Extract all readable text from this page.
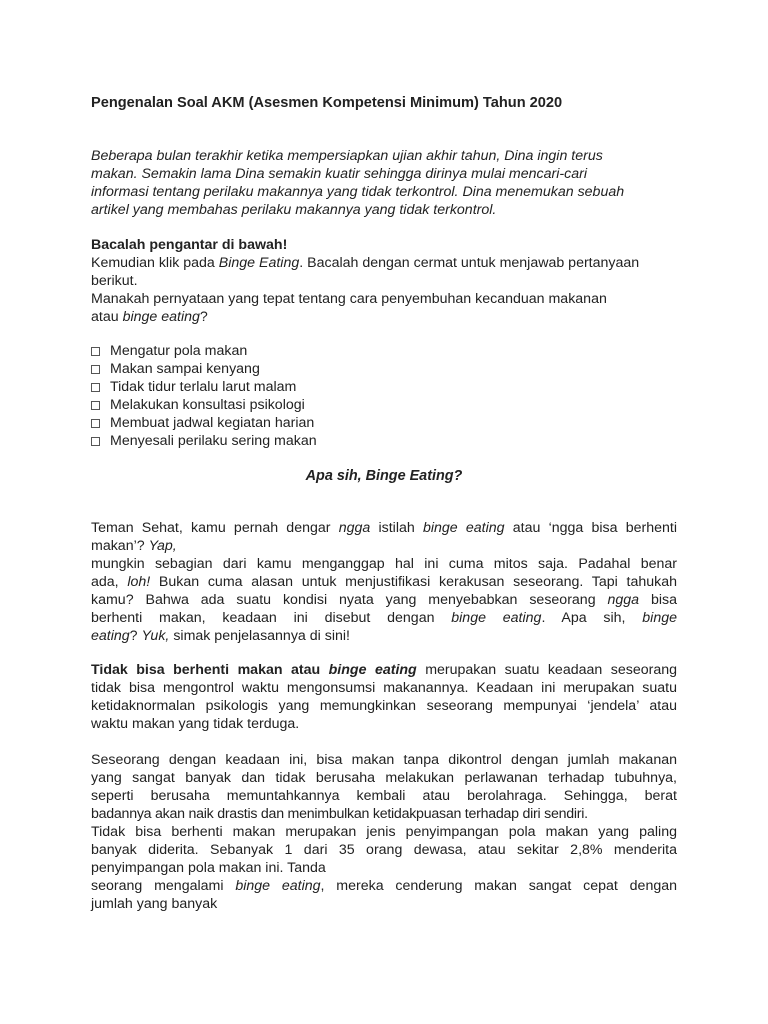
Pengenalan Soal AKM (Asesmen Kompetensi Minimum) Tahun 2020

Beberapa bulan terakhir ketika mempersiapkan ujian akhir tahun, Dina ingin terus
makan. Semakin lama Dina semakin kuatir sehingga dirinya mulai mencari-cari
informasi tentang perilaku makannya yang tidak terkontrol. Dina menemukan sebuah
artikel yang membahas perilaku makannya yang tidak terkontrol.

Bacalah pengantar di bawah!
Kemudian klik pada Binge Eating. Bacalah dengan cermat untuk menjawab pertanyaan
berikut.
Manakah pernyataan yang tepat tentang cara penyembuhan kecanduan makanan
atau binge eating?
Mengatur pola makan
Makan sampai kenyang
Tidak tidur terlalu larut malam
Melakukan konsultasi psikologi
Membuat jadwal kegiatan harian
Menyesali perilaku sering makan
Apa sih, Binge Eating?
Teman Sehat, kamu pernah dengar ngga istilah binge eating atau ‘ngga bisa berhenti
makan’? Yap,
mungkin sebagian dari kamu menganggap hal ini cuma mitos saja. Padahal benar
ada, loh! Bukan cuma alasan untuk menjustifikasi kerakusan seseorang. Tapi tahukah
kamu? Bahwa ada suatu kondisi nyata yang menyebabkan seseorang ngga bisa
berhenti makan, keadaan ini disebut dengan binge eating. Apa sih, binge
eating? Yuk, simak penjelasannya di sini!
Tidak bisa berhenti makan atau binge eating merupakan suatu keadaan seseorang
tidak bisa mengontrol waktu mengonsumsi makanannya. Keadaan ini merupakan suatu
ketidaknormalan psikologis yang memungkinkan seseorang mempunyai ‘jendela’ atau
waktu makan yang tidak terduga.
Seseorang dengan keadaan ini, bisa makan tanpa dikontrol dengan jumlah makanan
yang sangat banyak dan tidak berusaha melakukan perlawanan terhadap tubuhnya,
seperti berusaha memuntahkannya kembali atau berolahraga. Sehingga, berat
badannya akan naik drastis dan menimbulkan ketidakpuasan terhadap diri sendiri.
Tidak bisa berhenti makan merupakan jenis penyimpangan pola makan yang paling
banyak diderita. Sebanyak 1 dari 35 orang dewasa, atau sekitar 2,8% menderita
penyimpangan pola makan ini. Tanda
seorang mengalami binge eating, mereka cenderung makan sangat cepat dengan
jumlah yang banyak
